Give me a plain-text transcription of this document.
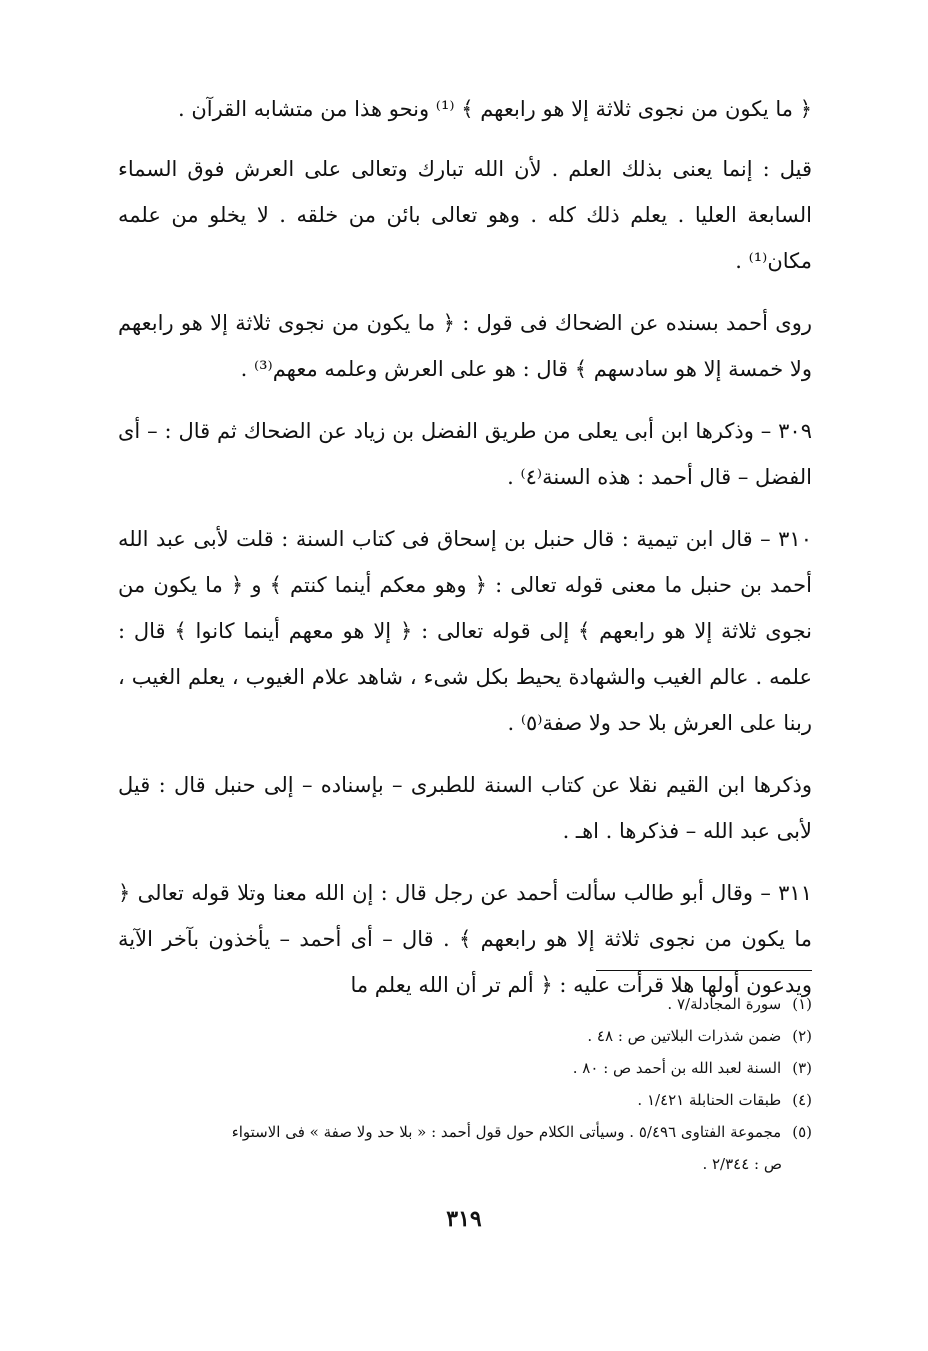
﴿ ما يكون من نجوى ثلاثة إلا هو رابعهم ﴾ ⁽¹⁾ ونحو هذا من متشابه القرآن .

قيل : إنما يعنى بذلك العلم . لأن الله تبارك وتعالى على العرش فوق السماء السابعة العليا . يعلم ذلك كله . وهو تعالى بائن من خلقه . لا يخلو من علمه مكان⁽¹⁾ .

روى أحمد بسنده عن الضحاك فى قول : ﴿ ما يكون من نجوى ثلاثة إلا هو رابعهم ولا خمسة إلا هو سادسهم ﴾ قال : هو على العرش وعلمه معهم⁽³⁾ .

٣٠٩ – وذكرها ابن أبى يعلى من طريق الفضل بن زياد عن الضحاك ثم قال : – أى الفضل – قال أحمد : هذه السنة⁽٤⁾ .

٣١٠ – قال ابن تيمية : قال حنبل بن إسحاق فى كتاب السنة : قلت لأبى عبد الله أحمد بن حنبل ما معنى قوله تعالى : ﴿ وهو معكم أينما كنتم ﴾ و ﴿ ما يكون من نجوى ثلاثة إلا هو رابعهم ﴾ إلى قوله تعالى : ﴿ إلا هو معهم أينما كانوا ﴾ قال : علمه . عالم الغيب والشهادة يحيط بكل شىء ، شاهد علام الغيوب ، يعلم الغيب ، ربنا على العرش بلا حد ولا صفة⁽٥⁾ .

وذكرها ابن القيم نقلا عن كتاب السنة للطبرى – بإسناده – إلى حنبل قال : قيل لأبى عبد الله – فذكرها . اهـ .

٣١١ – وقال أبو طالب سألت أحمد عن رجل قال : إن الله معنا وتلا قوله تعالى ﴿ ما يكون من نجوى ثلاثة إلا هو رابعهم ﴾ . قال – أى أحمد – يأخذون بآخر الآية ويدعون أولها هلا قرأت عليه : ﴿ ألم تر أن الله يعلم ما

(١) سورة المجادلة/٧ .

(٢) ضمن شذرات البلاتين ص : ٤٨ .

(٣) السنة لعبد الله بن أحمد ص : ٨٠ .

(٤) طبقات الحنابلة ١/٤٢١ .

(٥) مجموعة الفتاوى ٥/٤٩٦ . وسيأتى الكلام حول قول أحمد : « بلا حد ولا صفة » فى الاستواء

ص : ٢/٣٤٤ .

٣١٩
